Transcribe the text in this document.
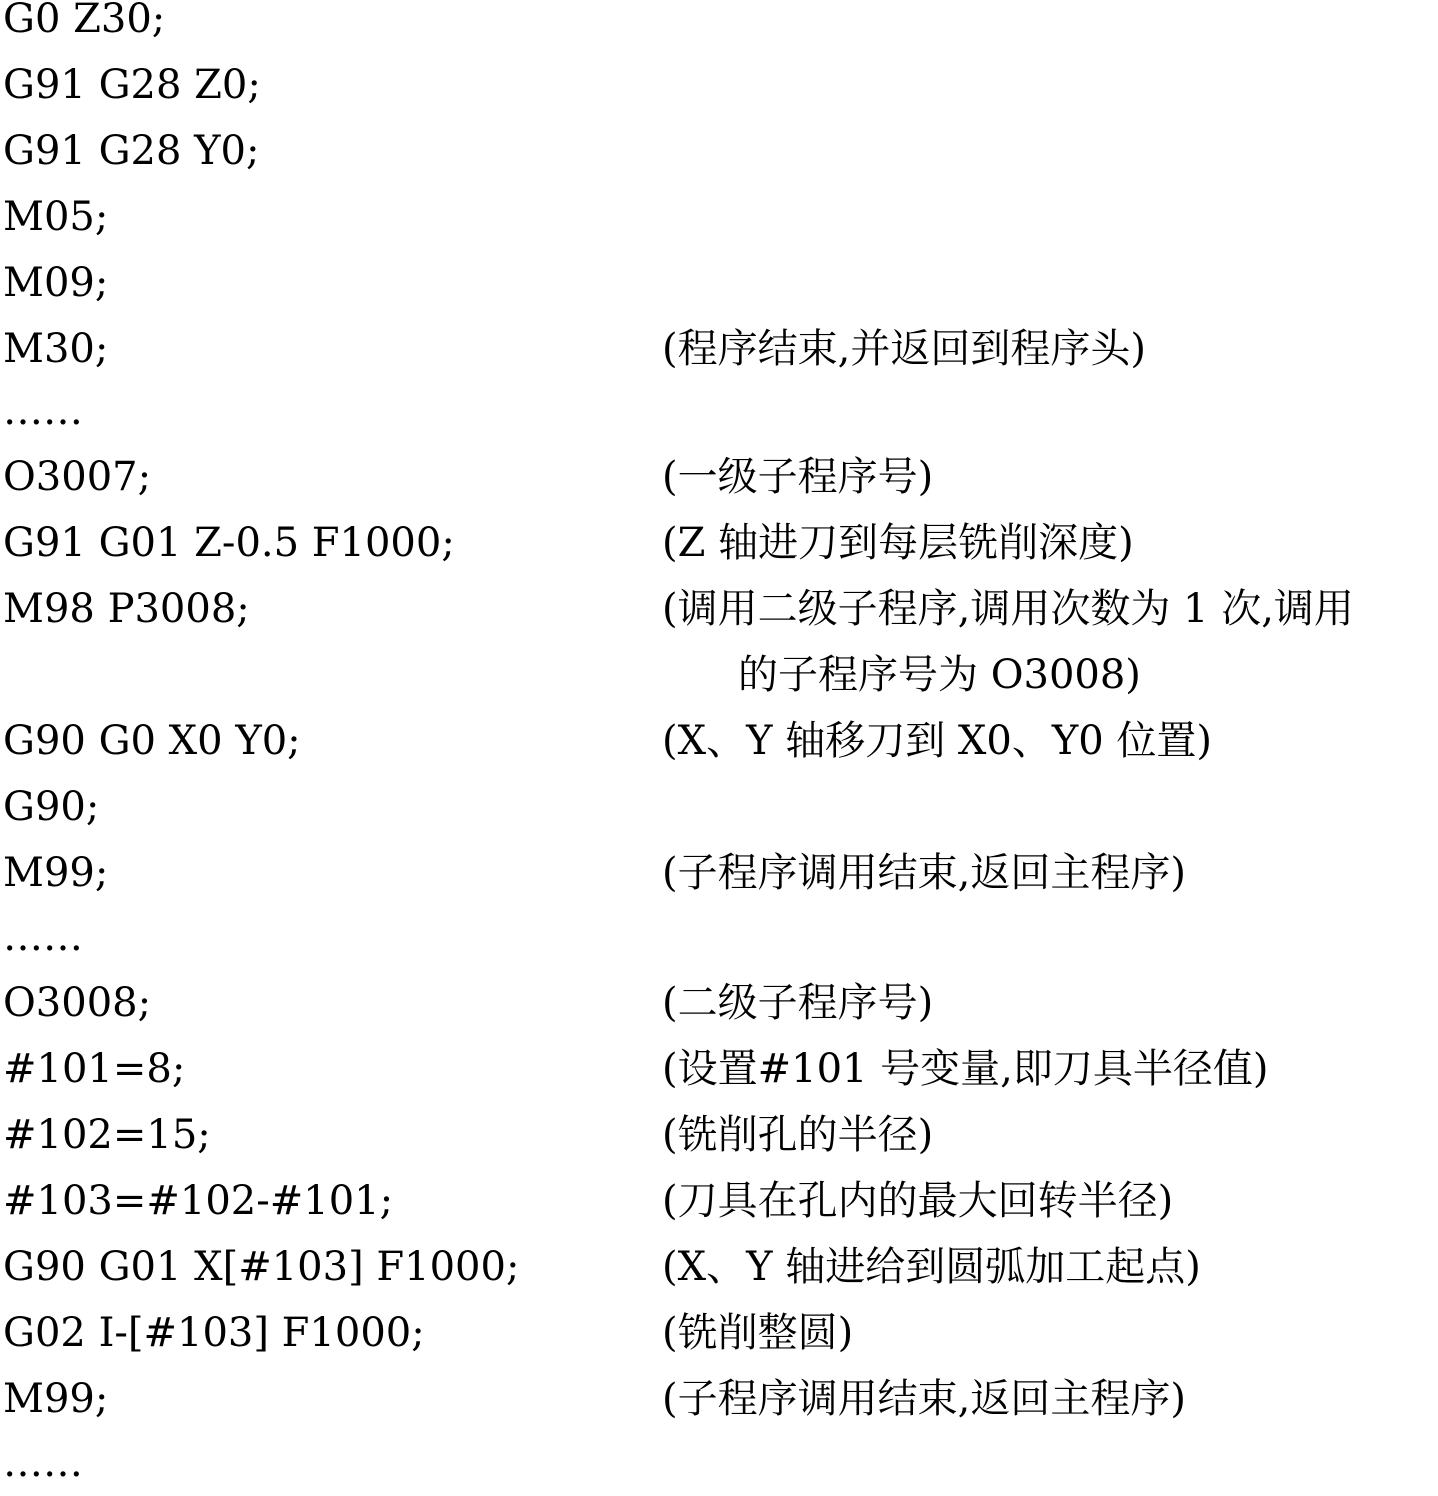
G0 Z30;
G91 G28 Z0;
G91 G28 Y0;
M05;
M09;
M30;	(程序结束,并返回到程序头)
……
O3007;	(一级子程序号)
G91 G01 Z-0.5 F1000;	(Z 轴进刀到每层铣削深度)
M98 P3008;	(调用二级子程序,调用次数为 1 次,调用
的子程序号为 O3008)
G90 G0 X0 Y0;	(X、Y 轴移刀到 X0、Y0 位置)
G90;
M99;	(子程序调用结束,返回主程序)
……
O3008;	(二级子程序号)
#101=8;	(设置#101 号变量,即刀具半径值)
#102=15;	(铣削孔的半径)
#103=#102-#101;	(刀具在孔内的最大回转半径)
G90 G01 X[#103] F1000;	(X、Y 轴进给到圆弧加工起点)
G02 I-[#103] F1000;	(铣削整圆)
M99;	(子程序调用结束,返回主程序)
……
